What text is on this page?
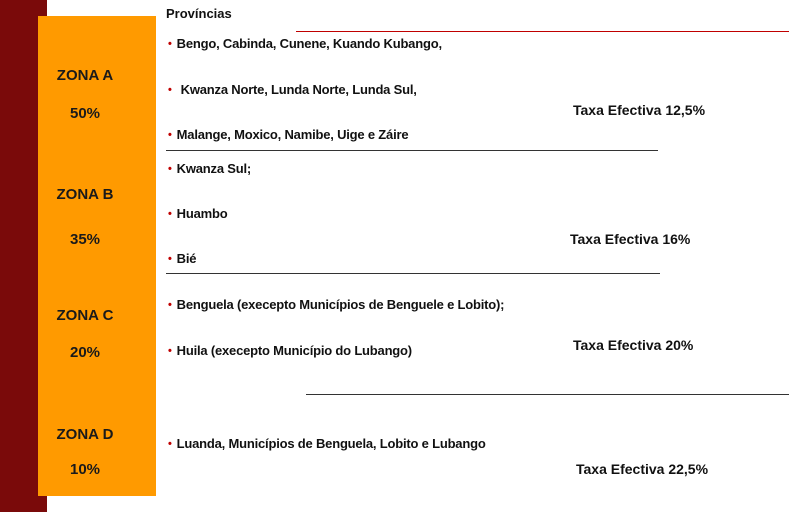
Províncias
ZONA A
50%
• Bengo, Cabinda, Cunene, Kuando Kubango,
• Kwanza Norte, Lunda Norte, Lunda Sul,
• Malange, Moxico, Namibe, Uige e Záire
Taxa Efectiva 12,5%
ZONA B
35%
• Kwanza Sul;
• Huambo
• Bié
Taxa Efectiva 16%
ZONA C
20%
• Benguela (execepto Municípios de Benguele e Lobito);
• Huila (execepto Município do Lubango)	Taxa Efectiva 20%
ZONA D
10%
• Luanda, Municípios de Benguela, Lobito e Lubango
Taxa Efectiva 22,5%
